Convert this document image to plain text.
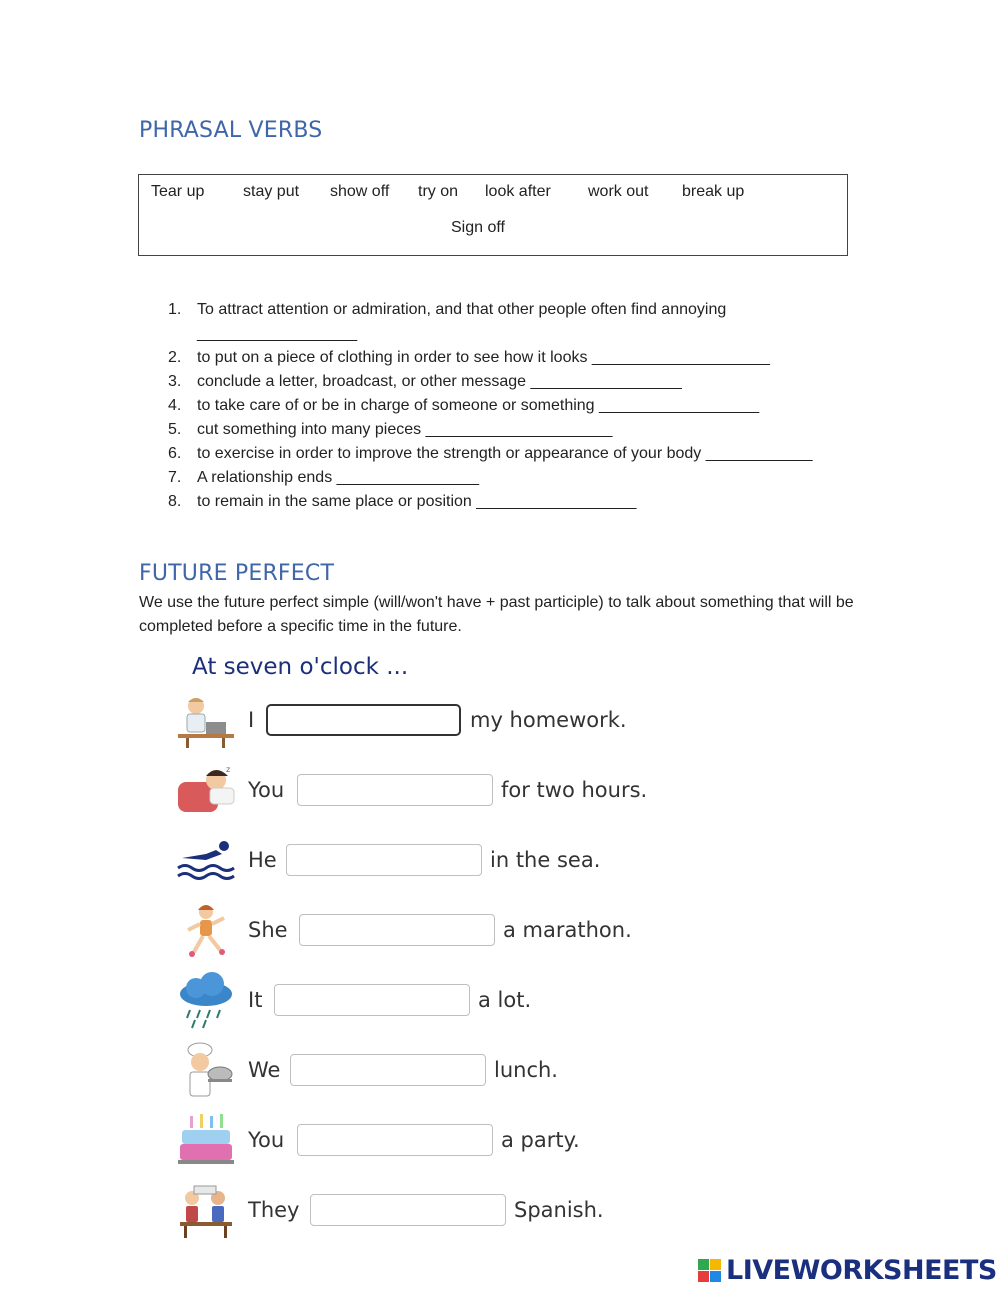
PHRASAL VERBS
Tear up stay put show off try on look after work out break up
Sign off
1. To attract attention or admiration, and that other people often find annoying
__________________
2. to put on a piece of clothing in order to see how it looks ____________________
3. conclude a letter, broadcast, or other message _________________
4. to take care of or be in charge of someone or something __________________
5. cut something into many pieces _____________________
6. to exercise in order to improve the strength or appearance of your body ____________
7. A relationship ends ________________
8. to remain in the same place or position __________________
FUTURE PERFECT
We use the future perfect simple (will/won't have + past participle) to talk about something that will be completed before a specific time in the future.
At seven o'clock ...
I	my homework.
z
You	for two hours.
He	in the sea.
She	a marathon.
It	a lot.
We	lunch.
You	a party.
They	Spanish.
LIVEWORKSHEETS
